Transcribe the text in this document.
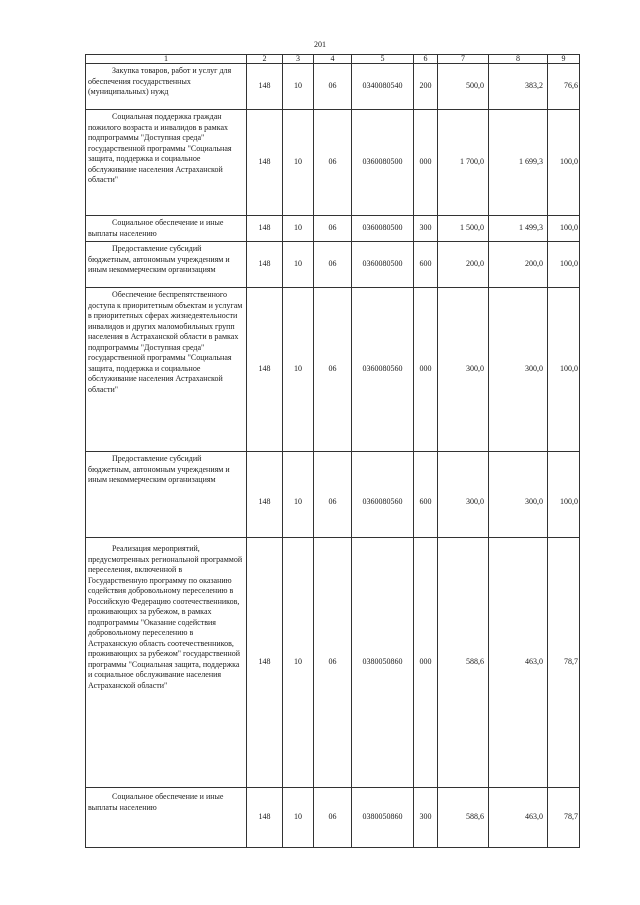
201
1	2	3	4	5	6	7	8	9

Закупка товаров, работ и услуг для обеспечения государственных (муниципальных) нужд	148	10	06	0340080540	200	500,0	383,2	76,6

Социальная поддержка граждан пожилого возраста и инвалидов в рамках подпрограммы "Доступная среда" государственной программы "Социальная защита, поддержка и социальное обслуживание населения Астраханской области"	148	10	06	0360080500	000	1 700,0	1 699,3	100,0

Социальное обеспечение и иные выплаты населению	148	10	06	0360080500	300	1 500,0	1 499,3	100,0

Предоставление субсидий бюджетным, автономным учреждениям и иным некоммерческим организациям	148	10	06	0360080500	600	200,0	200,0	100,0

Обеспечение беспрепятственного доступа к приоритетным объектам и услугам в приоритетных сферах жизнедеятельности инвалидов и других маломобильных групп населения в Астраханской области в рамках подпрограммы "Доступная среда" государственной программы "Социальная защита, поддержка и социальное обслуживание населения Астраханской области"	148	10	06	0360080560	000	300,0	300,0	100,0

Предоставление субсидий бюджетным, автономным учреждениям и иным некоммерческим организациям	148	10	06	0360080560	600	300,0	300,0	100,0

Реализация мероприятий, предусмотренных региональной программой переселения, включенной в Государственную программу по оказанию содействия добровольному переселению в Российскую Федерацию соотечественников, проживающих за рубежом, в рамках подпрограммы "Оказание содействия добровольному переселению в Астраханскую область соотечественников, проживающих за рубежом" государственной программы "Социальная защита, поддержка и социальное обслуживание населения Астраханской области"	148	10	06	0380050860	000	588,6	463,0	78,7

Социальное обеспечение и иные выплаты населению	148	10	06	0380050860	300	588,6	463,0	78,7
